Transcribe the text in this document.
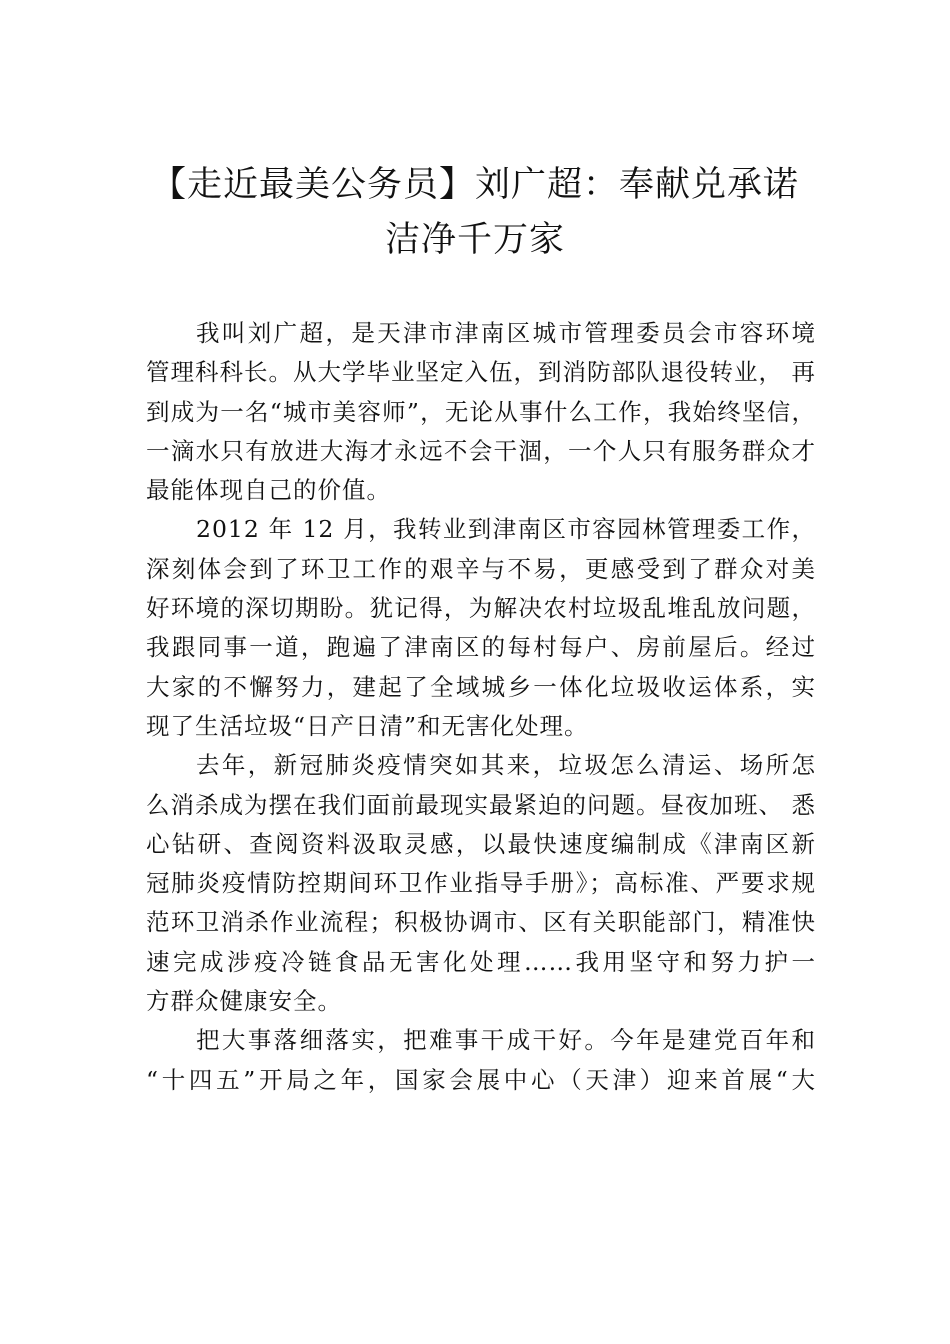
【走近最美公务员】刘广超：奉献兑承诺
洁净千万家
我叫刘广超，是天津市津南区城市管理委员会市容环境
管理科科长。从大学毕业坚定入伍，到消防部队退役转业， 再
到成为一名“城市美容师”，无论从事什么工作，我始终坚信，
一滴水只有放进大海才永远不会干涸，一个人只有服务群众才
最能体现自己的价值。
2012 年 12 月，我转业到津南区市容园林管理委工作，
深刻体会到了环卫工作的艰辛与不易，更感受到了群众对美
好环境的深切期盼。犹记得，为解决农村垃圾乱堆乱放问题，
我跟同事一道，跑遍了津南区的每村每户、房前屋后。经过
大家的不懈努力，建起了全域城乡一体化垃圾收运体系，实
现了生活垃圾“日产日清”和无害化处理。
去年，新冠肺炎疫情突如其来，垃圾怎么清运、场所怎
么消杀成为摆在我们面前最现实最紧迫的问题。昼夜加班、 悉
心钻研、查阅资料汲取灵感，以最快速度编制成《津南区新
冠肺炎疫情防控期间环卫作业指导手册》；高标准、严要求规
范环卫消杀作业流程；积极协调市、区有关职能部门，精准快
速完成涉疫冷链食品无害化处理……我用坚守和努力护一
方群众健康安全。
把大事落细落实，把难事干成干好。今年是建党百年和
“十四五”开局之年，国家会展中心（天津）迎来首展“大
